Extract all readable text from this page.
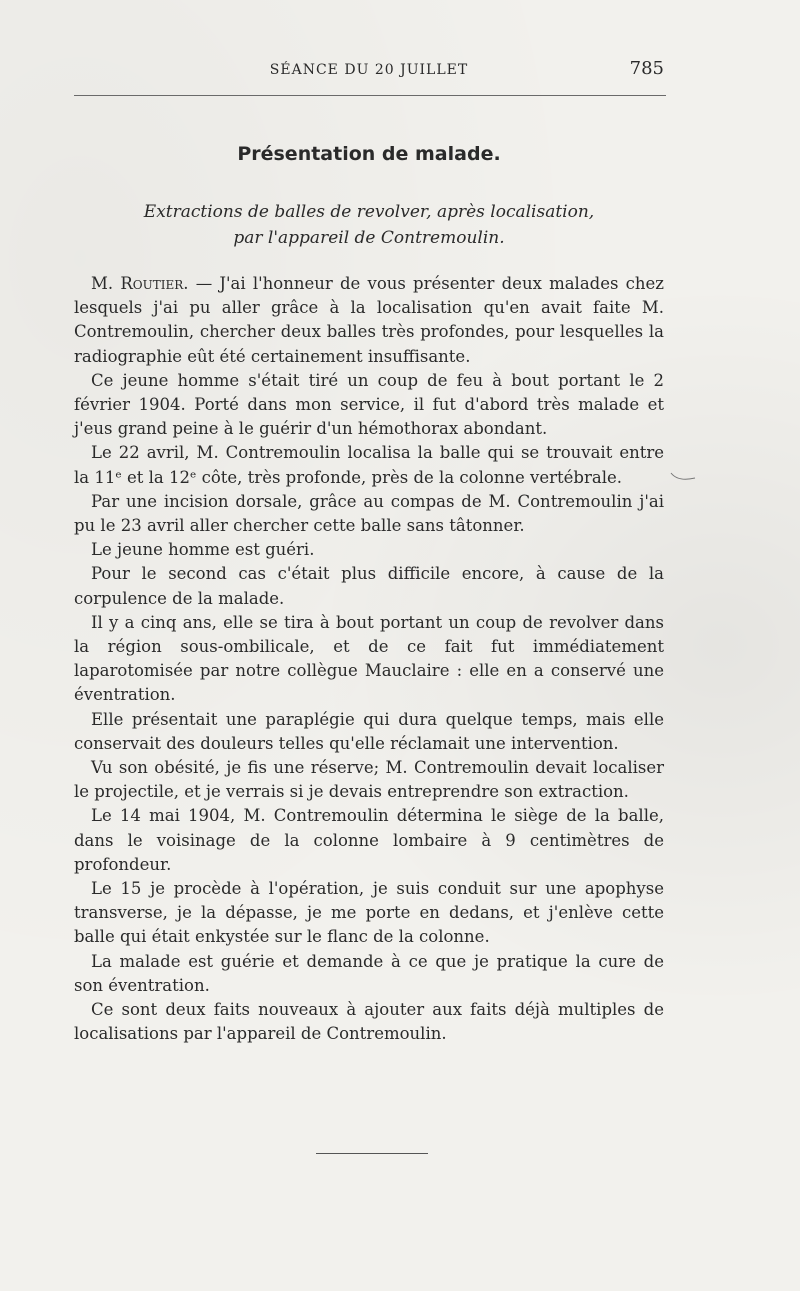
SÉANCE DU 20 JUILLET	785
Présentation de malade.
Extractions de balles de revolver, après localisation,
par l'appareil de Contremoulin.

M. Routier. — J'ai l'honneur de vous présenter deux malades chez lesquels j'ai pu aller grâce à la localisation qu'en avait faite M. Contremoulin, chercher deux balles très profondes, pour lesquelles la radiographie eût été certainement insuffisante.

Ce jeune homme s'était tiré un coup de feu à bout portant le 2 février 1904. Porté dans mon service, il fut d'abord très malade et j'eus grand peine à le guérir d'un hémothorax abondant.

Le 22 avril, M. Contremoulin localisa la balle qui se trouvait entre la 11ᵉ et la 12ᵉ côte, très profonde, près de la colonne vertébrale.

Par une incision dorsale, grâce au compas de M. Contremoulin j'ai pu le 23 avril aller chercher cette balle sans tâtonner.

Le jeune homme est guéri.

Pour le second cas c'était plus difficile encore, à cause de la corpulence de la malade.

Il y a cinq ans, elle se tira à bout portant un coup de revolver dans la région sous-ombilicale, et de ce fait fut immédiatement laparotomisée par notre collègue Mauclaire : elle en a conservé une éventration.

Elle présentait une paraplégie qui dura quelque temps, mais elle conservait des douleurs telles qu'elle réclamait une intervention.

Vu son obésité, je fis une réserve; M. Contremoulin devait localiser le projectile, et je verrais si je devais entreprendre son extraction.

Le 14 mai 1904, M. Contremoulin détermina le siège de la balle, dans le voisinage de la colonne lombaire à 9 centimètres de profondeur.

Le 15 je procède à l'opération, je suis conduit sur une apophyse transverse, je la dépasse, je me porte en dedans, et j'enlève cette balle qui était enkystée sur le flanc de la colonne.

La malade est guérie et demande à ce que je pratique la cure de son éventration.

Ce sont deux faits nouveaux à ajouter aux faits déjà multiples de localisations par l'appareil de Contremoulin.
